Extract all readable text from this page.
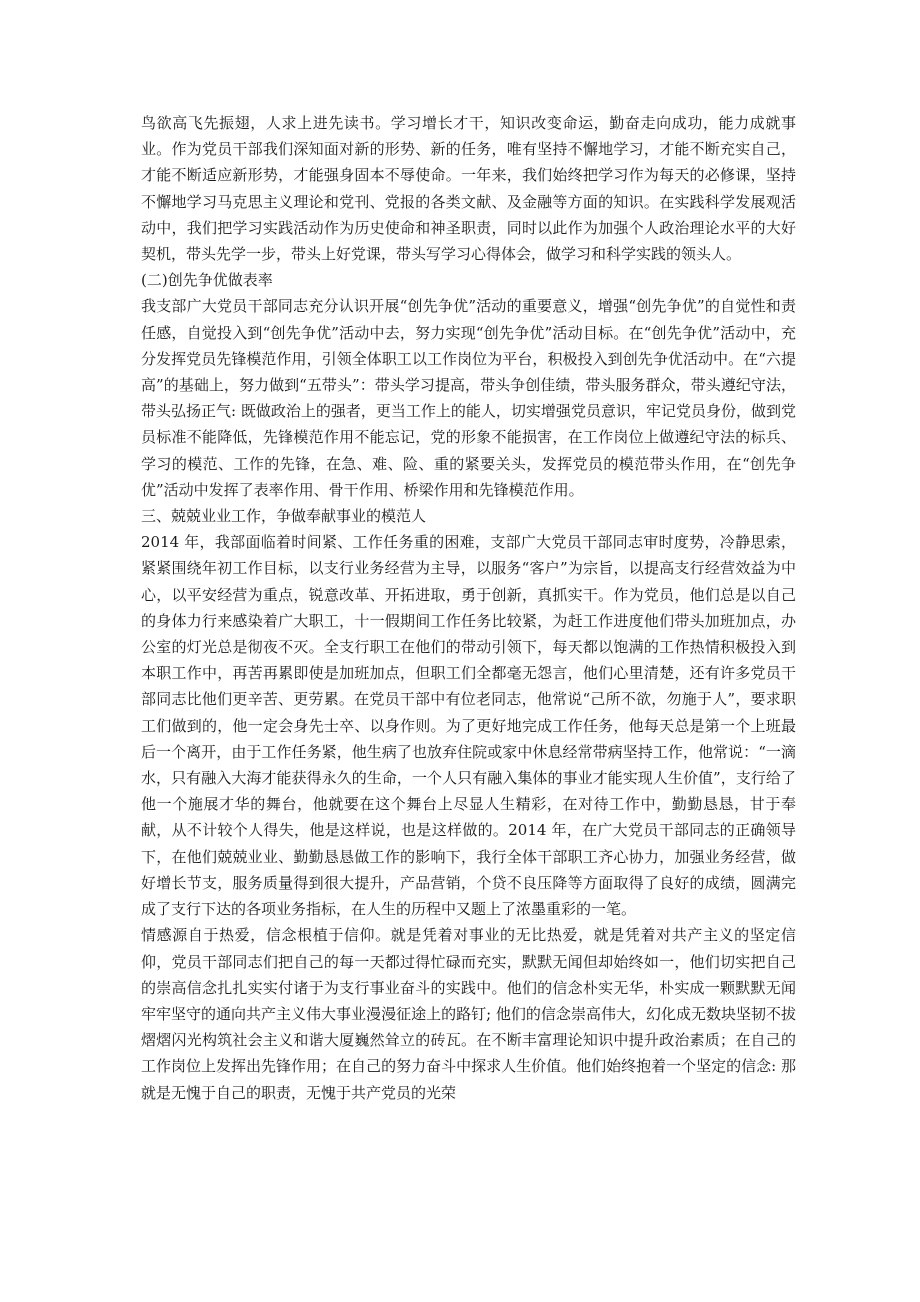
鸟欲高飞先振翅，人求上进先读书。学习增长才干，知识改变命运，勤奋走向成功，能力成就事业。作为党员干部我们深知面对新的形势、新的任务，唯有坚持不懈地学习，才能不断充实自己，才能不断适应新形势，才能强身固本不辱使命。一年来，我们始终把学习作为每天的必修课，坚持不懈地学习马克思主义理论和党刊、党报的各类文献、及金融等方面的知识。在实践科学发展观活动中，我们把学习实践活动作为历史使命和神圣职责，同时以此作为加强个人政治理论水平的大好契机，带头先学一步，带头上好党课，带头写学习心得体会，做学习和科学实践的领头人。

(二)创先争优做表率

我支部广大党员干部同志充分认识开展“创先争优”活动的重要意义，增强“创先争优”的自觉性和责任感，自觉投入到“创先争优”活动中去，努力实现“创先争优”活动目标。在“创先争优”活动中，充分发挥党员先锋模范作用，引领全体职工以工作岗位为平台，积极投入到创先争优活动中。在“六提高”的基础上，努力做到“五带头”：带头学习提高，带头争创佳绩，带头服务群众，带头遵纪守法，带头弘扬正气: 既做政治上的强者，更当工作上的能人，切实增强党员意识，牢记党员身份，做到党员标准不能降低，先锋模范作用不能忘记，党的形象不能损害，在工作岗位上做遵纪守法的标兵、学习的模范、工作的先锋，在急、难、险、重的紧要关头，发挥党员的模范带头作用，在“创先争优”活动中发挥了表率作用、骨干作用、桥梁作用和先锋模范作用。

三、兢兢业业工作，争做奉献事业的模范人

2014 年，我部面临着时间紧、工作任务重的困难，支部广大党员干部同志审时度势，冷静思索，紧紧围绕年初工作目标，以支行业务经营为主导，以服务“客户”为宗旨，以提高支行经营效益为中心，以平安经营为重点，锐意改革、开拓进取，勇于创新，真抓实干。作为党员，他们总是以自己的身体力行来感染着广大职工，十一假期间工作任务比较紧，为赶工作进度他们带头加班加点，办公室的灯光总是彻夜不灭。全支行职工在他们的带动引领下，每天都以饱满的工作热情积极投入到本职工作中，再苦再累即使是加班加点，但职工们全都毫无怨言，他们心里清楚，还有许多党员干部同志比他们更辛苦、更劳累。在党员干部中有位老同志，他常说“己所不欲，勿施于人”，要求职工们做到的，他一定会身先士卒、以身作则。为了更好地完成工作任务，他每天总是第一个上班最后一个离开，由于工作任务紧，他生病了也放弃住院或家中休息经常带病坚持工作，他常说：“一滴水，只有融入大海才能获得永久的生命，一个人只有融入集体的事业才能实现人生价值”，支行给了他一个施展才华的舞台，他就要在这个舞台上尽显人生精彩，在对待工作中，勤勤恳恳，甘于奉献，从不计较个人得失，他是这样说，也是这样做的。2014 年，在广大党员干部同志的正确领导下，在他们兢兢业业、勤勤恳恳做工作的影响下，我行全体干部职工齐心协力，加强业务经营，做好增长节支，服务质量得到很大提升，产品营销，个贷不良压降等方面取得了良好的成绩，圆满完成了支行下达的各项业务指标，在人生的历程中又题上了浓墨重彩的一笔。

情感源自于热爱，信念根植于信仰。就是凭着对事业的无比热爱，就是凭着对共产主义的坚定信仰，党员干部同志们把自己的每一天都过得忙碌而充实，默默无闻但却始终如一，他们切实把自己的崇高信念扎扎实实付诸于为支行事业奋斗的实践中。他们的信念朴实无华，朴实成一颗默默无闻牢牢坚守的通向共产主义伟大事业漫漫征途上的路钉; 他们的信念崇高伟大，幻化成无数块坚韧不拔熠熠闪光构筑社会主义和谐大厦巍然耸立的砖瓦。在不断丰富理论知识中提升政治素质；在自己的工作岗位上发挥出先锋作用；在自己的努力奋斗中探求人生价值。他们始终抱着一个坚定的信念: 那就是无愧于自己的职责，无愧于共产党员的光荣
